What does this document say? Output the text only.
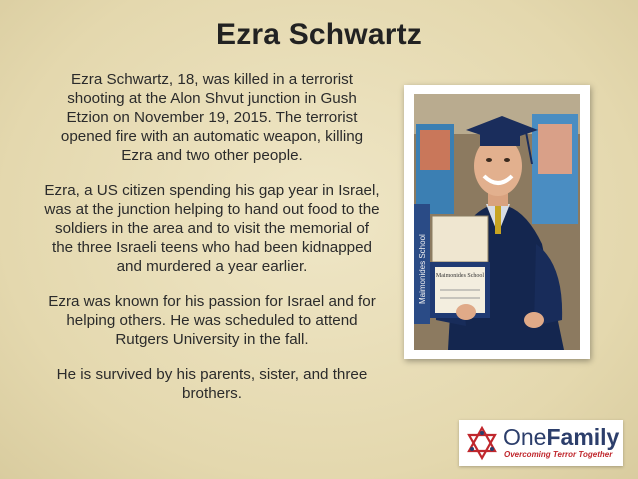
Ezra Schwartz

Ezra Schwartz, 18, was killed in a terrorist shooting at the Alon Shvut junction in Gush Etzion on November 19, 2015. The terrorist opened fire with an automatic weapon, killing Ezra and two other people.

Ezra, a US citizen spending his gap year in Israel, was at the junction helping to hand out food to the soldiers in the area and to visit the memorial of the three Israeli teens who had been kidnapped and murdered a year earlier.

Ezra was known for his passion for Israel and for helping others. He was scheduled to attend Rutgers University in the fall.

He is survived by his parents, sister, and three brothers.

Maimonides School Maimonides School
OneFamily
Overcoming Terror Together
